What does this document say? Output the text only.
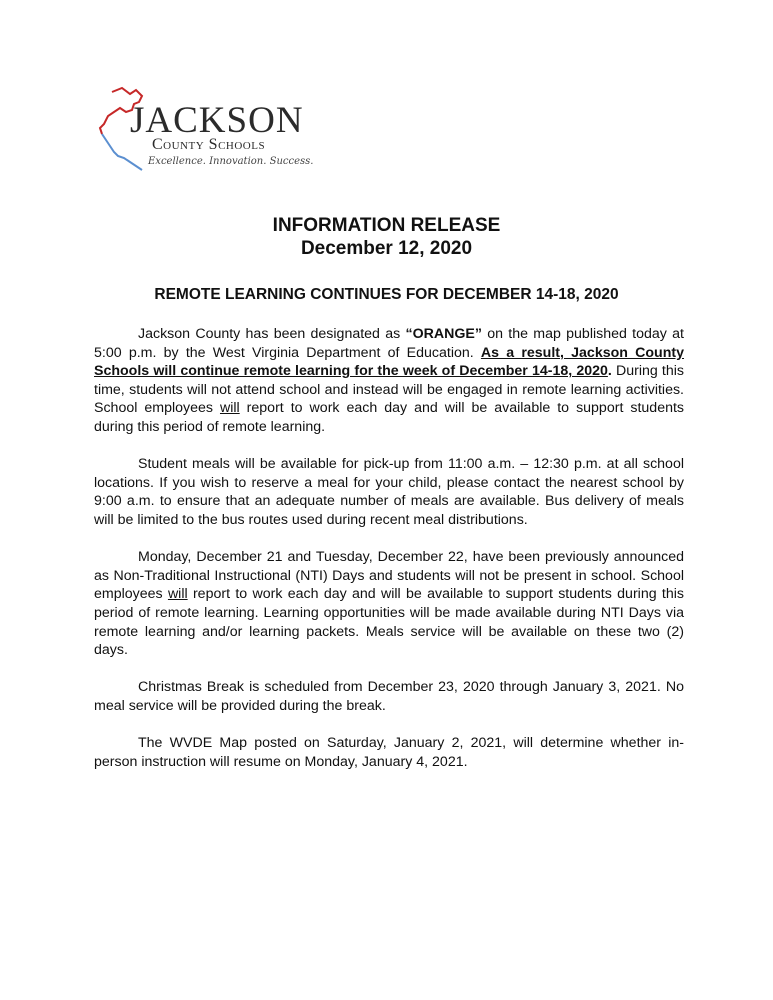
JACKSON
County Schools
Excellence. Innovation. Success.
INFORMATION RELEASE
December 12, 2020
REMOTE LEARNING CONTINUES FOR DECEMBER 14-18, 2020

Jackson County has been designated as “ORANGE” on the map published today at 5:00 p.m. by the West Virginia Department of Education. As a result, Jackson County Schools will continue remote learning for the week of December 14-18, 2020. During this time, students will not attend school and instead will be engaged in remote learning activities. School employees will report to work each day and will be available to support students during this period of remote learning.

Student meals will be available for pick-up from 11:00 a.m. – 12:30 p.m. at all school locations. If you wish to reserve a meal for your child, please contact the nearest school by 9:00 a.m. to ensure that an adequate number of meals are available. Bus delivery of meals will be limited to the bus routes used during recent meal distributions.

Monday, December 21 and Tuesday, December 22, have been previously announced as Non-Traditional Instructional (NTI) Days and students will not be present in school. School employees will report to work each day and will be available to support students during this period of remote learning. Learning opportunities will be made available during NTI Days via remote learning and/or learning packets. Meals service will be available on these two (2) days.

Christmas Break is scheduled from December 23, 2020 through January 3, 2021. No meal service will be provided during the break.

The WVDE Map posted on Saturday, January 2, 2021, will determine whether in-person instruction will resume on Monday, January 4, 2021.
